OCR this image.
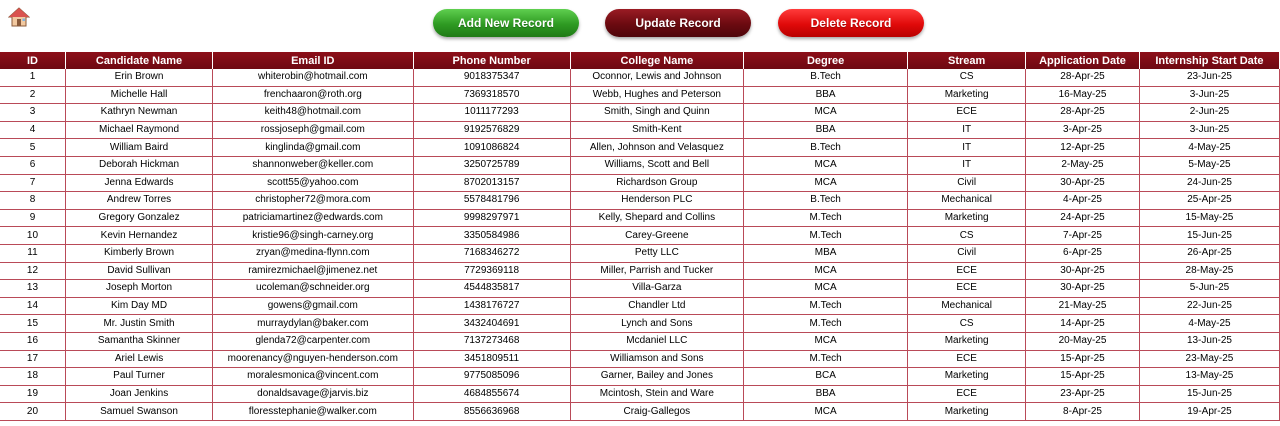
Add New Record	Update Record	Delete Record
ID	Candidate Name	Email ID	Phone Number	College Name	Degree	Stream	Application Date	Internship Start Date
1	Erin Brown	whiterobin@hotmail.com	9018375347	Oconnor, Lewis and Johnson	B.Tech	CS	28-Apr-25	23-Jun-25
2	Michelle Hall	frenchaaron@roth.org	7369318570	Webb, Hughes and Peterson	BBA	Marketing	16-May-25	3-Jun-25
3	Kathryn Newman	keith48@hotmail.com	1011177293	Smith, Singh and Quinn	MCA	ECE	28-Apr-25	2-Jun-25
4	Michael Raymond	rossjoseph@gmail.com	9192576829	Smith-Kent	BBA	IT	3-Apr-25	3-Jun-25
5	William Baird	kinglinda@gmail.com	1091086824	Allen, Johnson and Velasquez	B.Tech	IT	12-Apr-25	4-May-25
6	Deborah Hickman	shannonweber@keller.com	3250725789	Williams, Scott and Bell	MCA	IT	2-May-25	5-May-25
7	Jenna Edwards	scott55@yahoo.com	8702013157	Richardson Group	MCA	Civil	30-Apr-25	24-Jun-25
8	Andrew Torres	christopher72@mora.com	5578481796	Henderson PLC	B.Tech	Mechanical	4-Apr-25	25-Apr-25
9	Gregory Gonzalez	patriciamartinez@edwards.com	9998297971	Kelly, Shepard and Collins	M.Tech	Marketing	24-Apr-25	15-May-25
10	Kevin Hernandez	kristie96@singh-carney.org	3350584986	Carey-Greene	M.Tech	CS	7-Apr-25	15-Jun-25
11	Kimberly Brown	zryan@medina-flynn.com	7168346272	Petty LLC	MBA	Civil	6-Apr-25	26-Apr-25
12	David Sullivan	ramirezmichael@jimenez.net	7729369118	Miller, Parrish and Tucker	MCA	ECE	30-Apr-25	28-May-25
13	Joseph Morton	ucoleman@schneider.org	4544835817	Villa-Garza	MCA	ECE	30-Apr-25	5-Jun-25
14	Kim Day MD	gowens@gmail.com	1438176727	Chandler Ltd	M.Tech	Mechanical	21-May-25	22-Jun-25
15	Mr. Justin Smith	murraydylan@baker.com	3432404691	Lynch and Sons	M.Tech	CS	14-Apr-25	4-May-25
16	Samantha Skinner	glenda72@carpenter.com	7137273468	Mcdaniel LLC	MCA	Marketing	20-May-25	13-Jun-25
17	Ariel Lewis	moorenancy@nguyen-henderson.com	3451809511	Williamson and Sons	M.Tech	ECE	15-Apr-25	23-May-25
18	Paul Turner	moralesmonica@vincent.com	9775085096	Garner, Bailey and Jones	BCA	Marketing	15-Apr-25	13-May-25
19	Joan Jenkins	donaldsavage@jarvis.biz	4684855674	Mcintosh, Stein and Ware	BBA	ECE	23-Apr-25	15-Jun-25
20	Samuel Swanson	floresstephanie@walker.com	8556636968	Craig-Gallegos	MCA	Marketing	8-Apr-25	19-Apr-25
